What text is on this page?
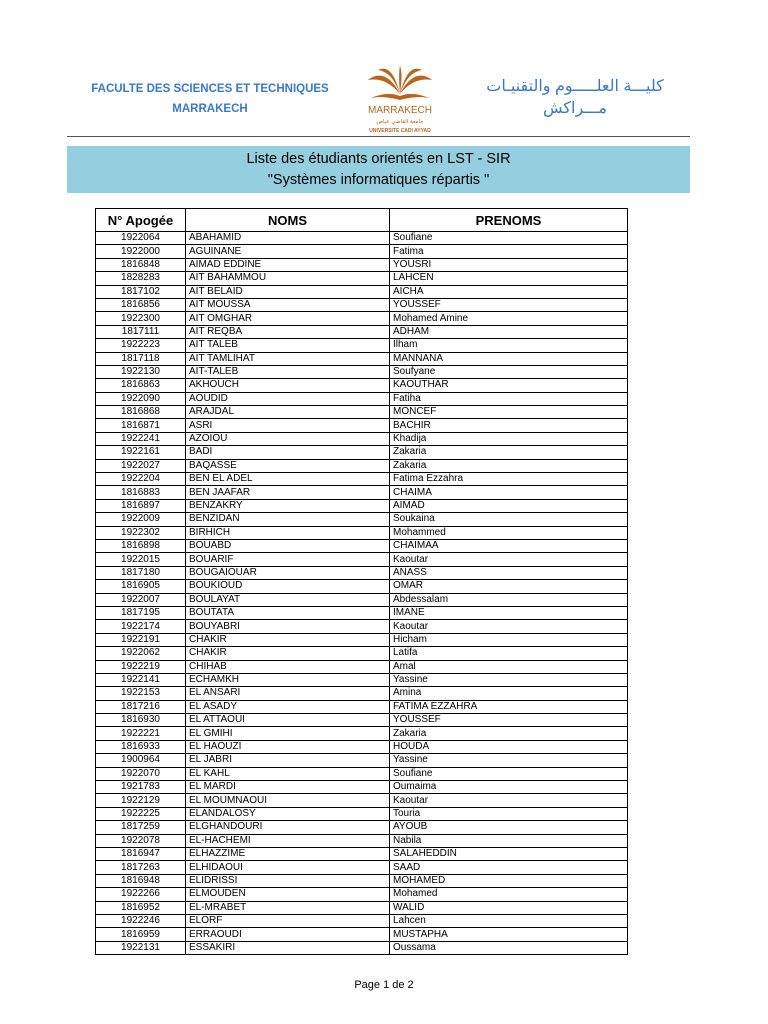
FACULTE DES SCIENCES ET TECHNIQUES
MARRAKECH	MARRAKECH
جامعة القاضي عياض
UNIVERSITE CADI AYYAD
كليـــة العلـــــوم والتقنيـات
مـــراكش
Liste des étudiants orientés en LST - SIR
"Systèmes informatiques répartis "
N° Apogée	NOMS	PRENOMS
1922064	ABAHAMID	Soufiane
1922000	AGUINANE	Fatima
1816848	AIMAD EDDINE	YOUSRI
1828283	AIT BAHAMMOU	LAHCEN
1817102	AIT BELAID	AICHA
1816856	AIT MOUSSA	YOUSSEF
1922300	AIT OMGHAR	Mohamed Amine
1817111	AIT REQBA	ADHAM
1922223	AIT TALEB	Ilham
1817118	AIT TAMLIHAT	MANNANA
1922130	AIT-TALEB	Soufyane
1816863	AKHOUCH	KAOUTHAR
1922090	AOUDID	Fatiha
1816868	ARAJDAL	MONCEF
1816871	ASRI	BACHIR
1922241	AZOIOU	Khadija
1922161	BADI	Zakaria
1922027	BAQASSE	Zakaria
1922204	BEN EL ADEL	Fatima Ezzahra
1816883	BEN JAAFAR	CHAIMA
1816897	BENZAKRY	AIMAD
1922009	BENZIDAN	Soukaina
1922302	BIRHICH	Mohammed
1816898	BOUABD	CHAIMAA
1922015	BOUARIF	Kaoutar
1817180	BOUGAIOUAR	ANASS
1816905	BOUKIOUD	OMAR
1922007	BOULAYAT	Abdessalam
1817195	BOUTATA	IMANE
1922174	BOUYABRI	Kaoutar
1922191	CHAKIR	Hicham
1922062	CHAKIR	Latifa
1922219	CHIHAB	Amal
1922141	ECHAMKH	Yassine
1922153	EL ANSARI	Amina
1817216	EL ASADY	FATIMA EZZAHRA
1816930	EL ATTAOUI	YOUSSEF
1922221	EL GMIHI	Zakaria
1816933	EL HAOUZI	HOUDA
1900964	EL JABRI	Yassine
1922070	EL KAHL	Soufiane
1921783	EL MARDI	Oumaima
1922129	EL MOUMNAOUI	Kaoutar
1922225	ELANDALOSY	Touria
1817259	ELGHANDOURI	AYOUB
1922078	EL-HACHEMI	Nabila
1816947	ELHAZZIME	SALAHEDDIN
1817263	ELHIDAOUI	SAAD
1816948	ELIDRISSI	MOHAMED
1922266	ELMOUDEN	Mohamed
1816952	EL-MRABET	WALID
1922246	ELORF	Lahcen
1816959	ERRAOUDI	MUSTAPHA
1922131	ESSAKIRI	Oussama
Page 1 de 2
